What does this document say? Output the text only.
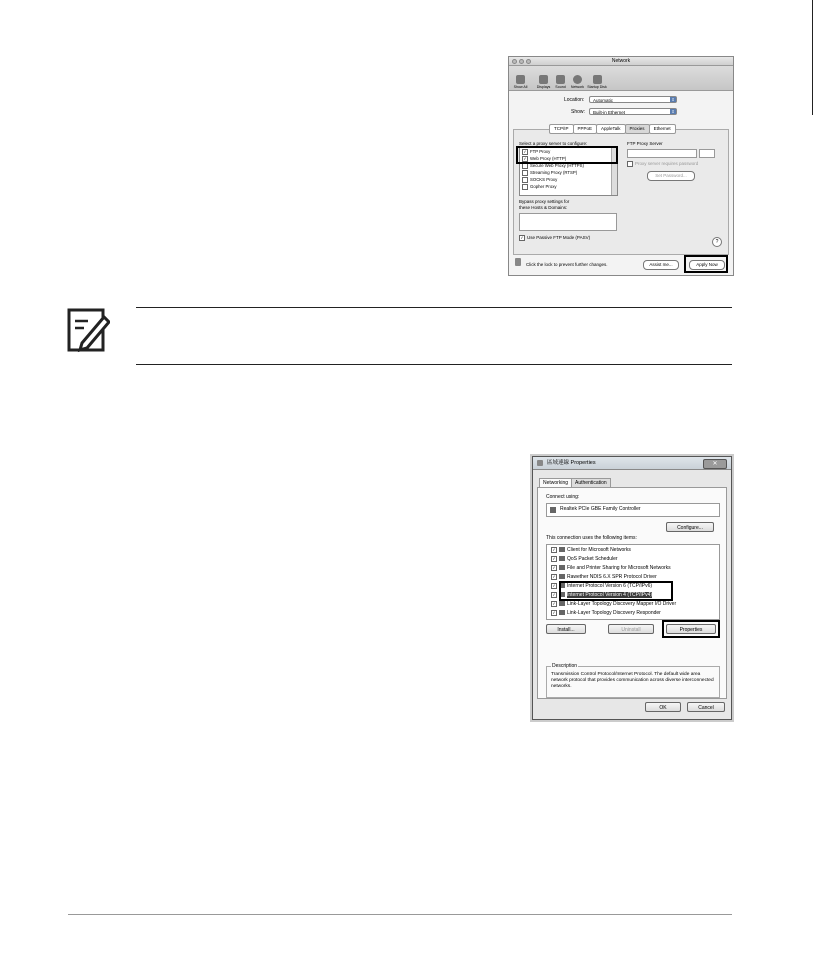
Network
Show All	Displays	Sound	Network Startup Disk
Location:	Automatic	⇕
Show:	Built-in Ethernet	⇕
TCP/IP	PPPoE	AppleTalk	Proxies	Ethernet
Select a proxy server to configure:
✓ FTP Proxy
✓ Web Proxy (HTTP)
Secure Web Proxy (HTTPS)
Streaming Proxy (RTSP)
SOCKS Proxy
Gopher Proxy
FTP Proxy Server
Proxy server requires password
Set Password...
Bypass proxy settings for
these Hosts & Domains:
✓ Use Passive FTP Mode (PASV)
?
Click the lock to prevent further changes.	Assist me...	Apply Now
區域連線 Properties	✕
Networking	Authentication
Connect using:
Realtek PCIe GBE Family Controller
Configure...
This connection uses the following items:
✓ Client for Microsoft Networks
✓ QoS Packet Scheduler
✓ File and Printer Sharing for Microsoft Networks
✓ Rawether NDIS 6.X SPR Protocol Driver
✓ Internet Protocol Version 6 (TCP/IPv6)
✓ Internet Protocol Version 4 (TCP/IPv4)
✓ Link-Layer Topology Discovery Mapper I/O Driver
✓ Link-Layer Topology Discovery Responder
Install...	Uninstall	Properties
Description
Transmission Control Protocol/Internet Protocol. The default wide area network protocol that provides communication across diverse interconnected networks.
OK	Cancel
